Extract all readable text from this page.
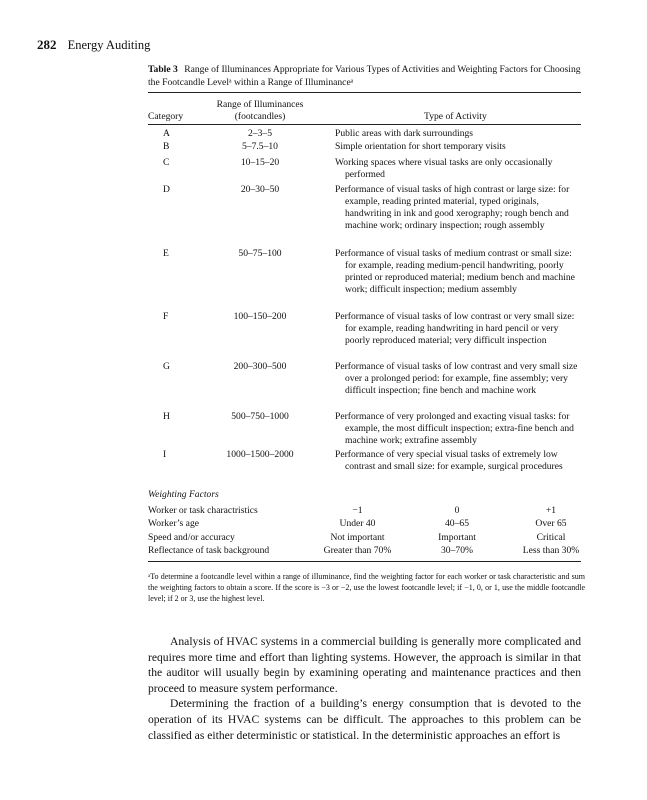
282 Energy Auditing
Table 3 Range of Illuminances Appropriate for Various Types of Activities and Weighting Factors for Choosing the Footcandle Levelᵃ within a Range of Illuminanceᵃ
Range of Illuminances
Category	(footcandles)	Type of Activity
A	2–3–5	Public areas with dark surroundings
B	5–7.5–10	Simple orientation for short temporary visits
C	10–15–20	Working spaces where visual tasks are only occasionally performed
D	20–30–50	Performance of visual tasks of high contrast or large size: for example, reading printed material, typed originals, handwriting in ink and good xerography; rough bench and machine work; ordinary inspection; rough assembly
E	50–75–100	Performance of visual tasks of medium contrast or small size: for example, reading medium-pencil handwriting, poorly printed or reproduced material; medium bench and machine work; difficult inspection; medium assembly
F	100–150–200	Performance of visual tasks of low contrast or very small size: for example, reading handwriting in hard pencil or very poorly reproduced material; very difficult inspection
G	200–300–500	Performance of visual tasks of low contrast and very small size over a prolonged period: for example, fine assembly; very difficult inspection; fine bench and machine work
H	500–750–1000	Performance of very prolonged and exacting visual tasks: for example, the most difficult inspection; extra-fine bench and machine work; extrafine assembly
I	1000–1500–2000	Performance of very special visual tasks of extremely low contrast and small size: for example, surgical procedures
Weighting Factors
Worker or task charactristics	−1	0	+1
Worker’s age	Under 40	40–65	Over 65
Speed and/or accuracy	Not important	Important	Critical
Reflectance of task background	Greater than 70%	30–70%	Less than 30%
ᵃTo determine a footcandle level within a range of illuminance, find the weighting factor for each worker or task characteristic and sum the weighting factors to obtain a score. If the score is −3 or −2, use the lowest footcandle level; if −1, 0, or 1, use the middle footcandle level; if 2 or 3, use the highest level.

Analysis of HVAC systems in a commercial building is generally more complicated and requires more time and effort than lighting systems. However, the approach is similar in that the auditor will usually begin by examining operating and maintenance practices and then proceed to measure system performance.

Determining the fraction of a building’s energy consumption that is devoted to the operation of its HVAC systems can be difficult. The approaches to this problem can be classified as either deterministic or statistical. In the deterministic approaches an effort is
